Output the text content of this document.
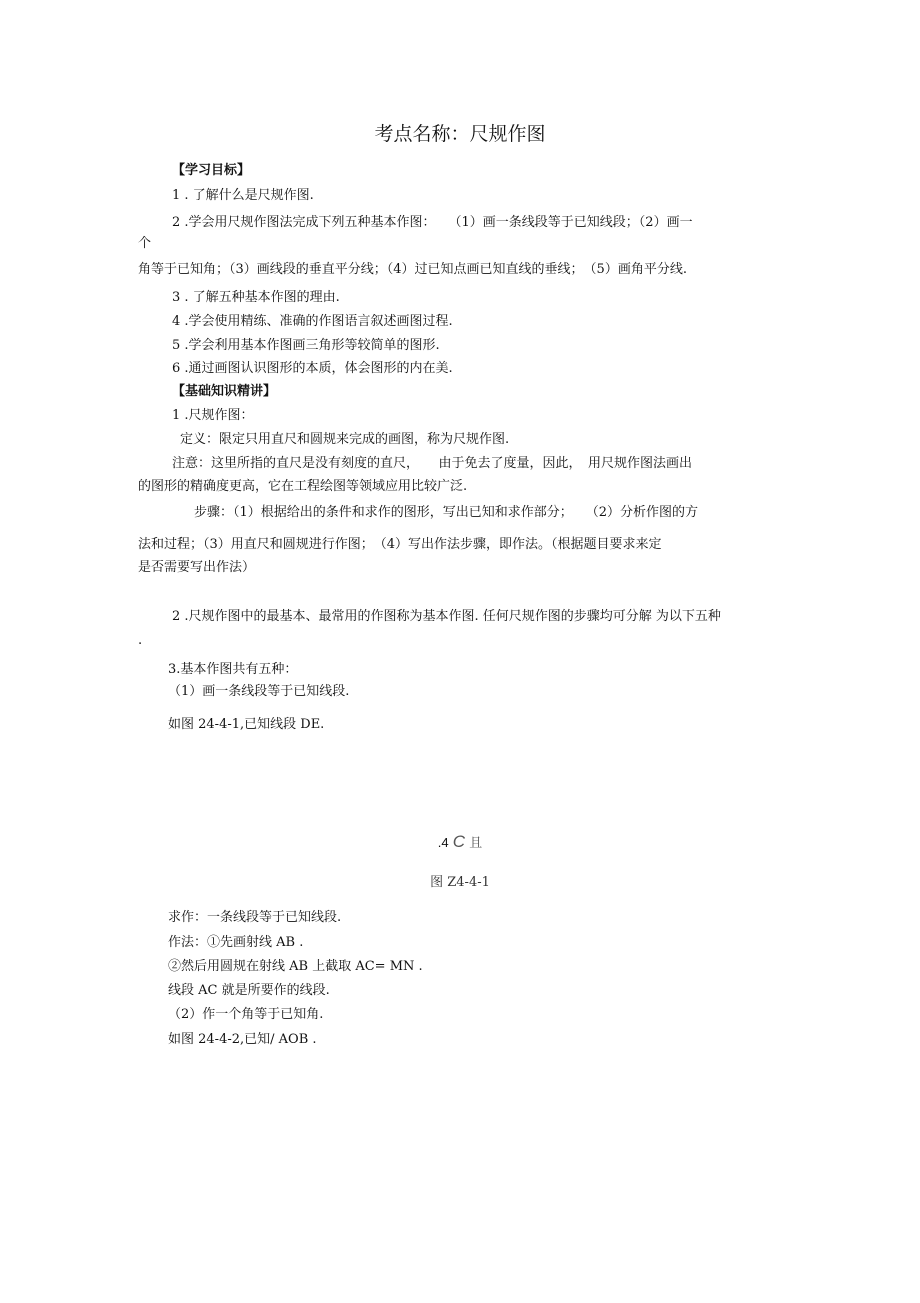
考点名称：尺规作图

【学习目标】

1 . 了解什么是尺规作图.

2 .学会用尺规作图法完成下列五种基本作图：　　（1）画一条线段等于已知线段；（2）画一

个

角等于已知角；（3）画线段的垂直平分线；（4）过已知点画已知直线的垂线；　（5）画角平分线.

3 . 了解五种基本作图的理由.

4 .学会使用精练、准确的作图语言叙述画图过程.

5 .学会利用基本作图画三角形等较简单的图形.

6 .通过画图认识图形的本质，体会图形的内在美.

【基础知识精讲】

1 .尺规作图：

定义：限定只用直尺和圆规来完成的画图，称为尺规作图.

注意：这里所指的直尺是没有刻度的直尺，　　由于免去了度量，因此，　用尺规作图法画出

的图形的精确度更高，它在工程绘图等领域应用比较广泛.

步骤：（1）根据给出的条件和求作的图形，写出已知和求作部分；　　（2）分析作图的方

法和过程；（3）用直尺和圆规进行作图；　（4）写出作法步骤，即作法。（根据题目要求来定

是否需要写出作法）

2 .尺规作图中的最基本、最常用的作图称为基本作图. 任何尺规作图的步骤均可分解 为以下五种

.

3.基本作图共有五种：

（1）画一条线段等于已知线段.

如图 24-4-1,已知线段 DE.

.4 C 且

图 Z4-4-1

求作：一条线段等于已知线段.

作法：①先画射线 AB .

②然后用圆规在射线 AB 上截取 AC= MN .

线段 AC 就是所要作的线段.

（2）作一个角等于已知角.

如图 24-4-2,已知/ AOB .
